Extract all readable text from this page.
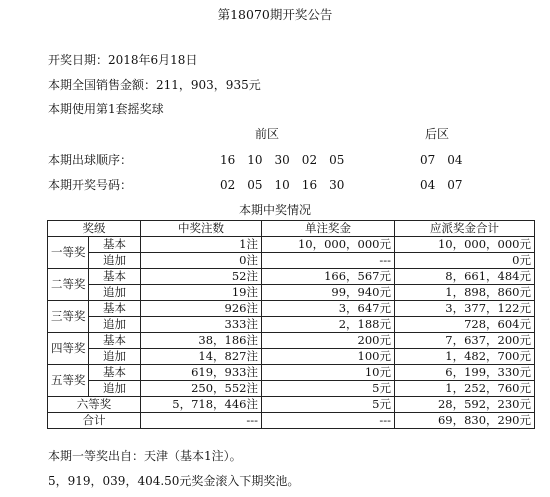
第18070期开奖公告
开奖日期：2018年6月18日
本期全国销售金额：211，903，935元
本期使用第1套摇奖球
前区	后区
本期出球顺序：	16　10　30　02　05	07　04
本期开奖号码：	02　05　10　16　30	04　07
本期中奖情况
奖级		中奖注数	单注奖金	应派奖金合计
一等奖	基本	1注	10，000，000元	10，000，000元
	追加	0注	---	0元
二等奖	基本	52注	166，567元	8，661，484元
	追加	19注	99，940元	1，898，860元
三等奖	基本	926注	3，647元	3，377，122元
	追加	333注	2，188元	728，604元
四等奖	基本	38，186注	200元	7，637，200元
	追加	14，827注	100元	1，482，700元
五等奖	基本	619，933注	10元	6，199，330元
	追加	250，552注	5元	1，252，760元
六等奖		5，718，446注	5元	28，592，230元
合计		---	---	69，830，290元
本期一等奖出自：天津（基本1注）。
5，919，039，404.50元奖金滚入下期奖池。
